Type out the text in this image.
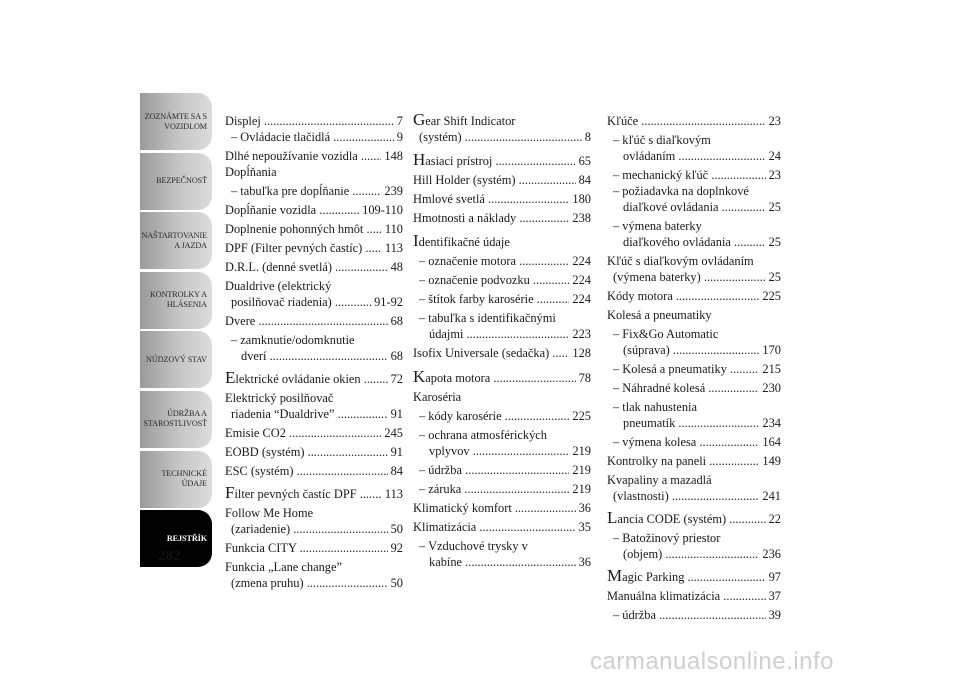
ZOZNÁMTE SA S
VOZIDLOM
BEZPEČNOSŤ
NAŠTARTOVANIE
A JAZDA
KONTROLKY A
HLÁSENIA
NÚDZOVÝ STAV
ÚDRŽBA A
STAROSTLIVOSŤ
TECHNICKÉ
ÚDAJE
REJSTŘÍK
282
Displej .....	7
– Ovládacie tlačidlá .....	9
Dlhé nepoužívanie vozidla .....	148
Dopĺňania
– tabuľka pre dopĺňanie .....	239
Dopĺňanie vozidla .....	109-110
Doplnenie pohonných hmôt .....	110
DPF (Filter pevných častíc) .....	113
D.R.L. (denné svetlá) .....	48
Dualdrive (elektrický
posilňovač riadenia) .....	91-92
Dvere .....	68
– zamknutie/odomknutie
dverí .....	68
Elektrické ovládanie okien .....	72
Elektrický posilňovač
riadenia “Dualdrive” .....	91
Emisie CO2 .....	245
EOBD (systém) .....	91
ESC (systém) .....	84
Filter pevných častíc DPF .....	113
Follow Me Home
(zariadenie) .....	50
Funkcia CITY .....	92
Funkcia „Lane change”
(zmena pruhu) .....	50
Gear Shift Indicator
(systém) .....	8
Hasiaci prístroj .....	65
Hill Holder (systém) .....	84
Hmlové svetlá .....	180
Hmotnosti a náklady .....	238
Identifikačné údaje
– označenie motora .....	224
– označenie podvozku .....	224
– štítok farby karosérie .....	224
– tabuľka s identifikačnými
údajmi .....	223
Isofix Universale (sedačka) .....	128
Kapota motora .....	78
Karoséria
– kódy karosérie .....	225
– ochrana atmosférických
vplyvov .....	219
– údržba .....	219
– záruka .....	219
Klimatický komfort .....	36
Klimatizácia .....	35
– Vzduchové trysky v
kabíne .....	36
Kľúče .....	23
– kľúč s diaľkovým
ovládaním .....	24
– mechanický kľúč .....	23
– požiadavka na doplnkové
diaľkové ovládania .....	25
– výmena baterky
diaľkového ovládania .....	25
Kľúč s diaľkovým ovládaním
(výmena baterky) .....	25
Kódy motora .....	225
Kolesá a pneumatiky
– Fix&Go Automatic
(súprava) .....	170
– Kolesá a pneumatiky .....	215
– Náhradné kolesá .....	230
– tlak nahustenia
pneumatík .....	234
– výmena kolesa .....	164
Kontrolky na paneli .....	149
Kvapaliny a mazadlá
(vlastnosti) .....	241
Lancia CODE (systém) .....	22
– Batožinový priestor
(objem) .....	236
Magic Parking .....	97
Manuálna klimatizácia .....	37
– údržba .....	39
carmanualsonline.info
